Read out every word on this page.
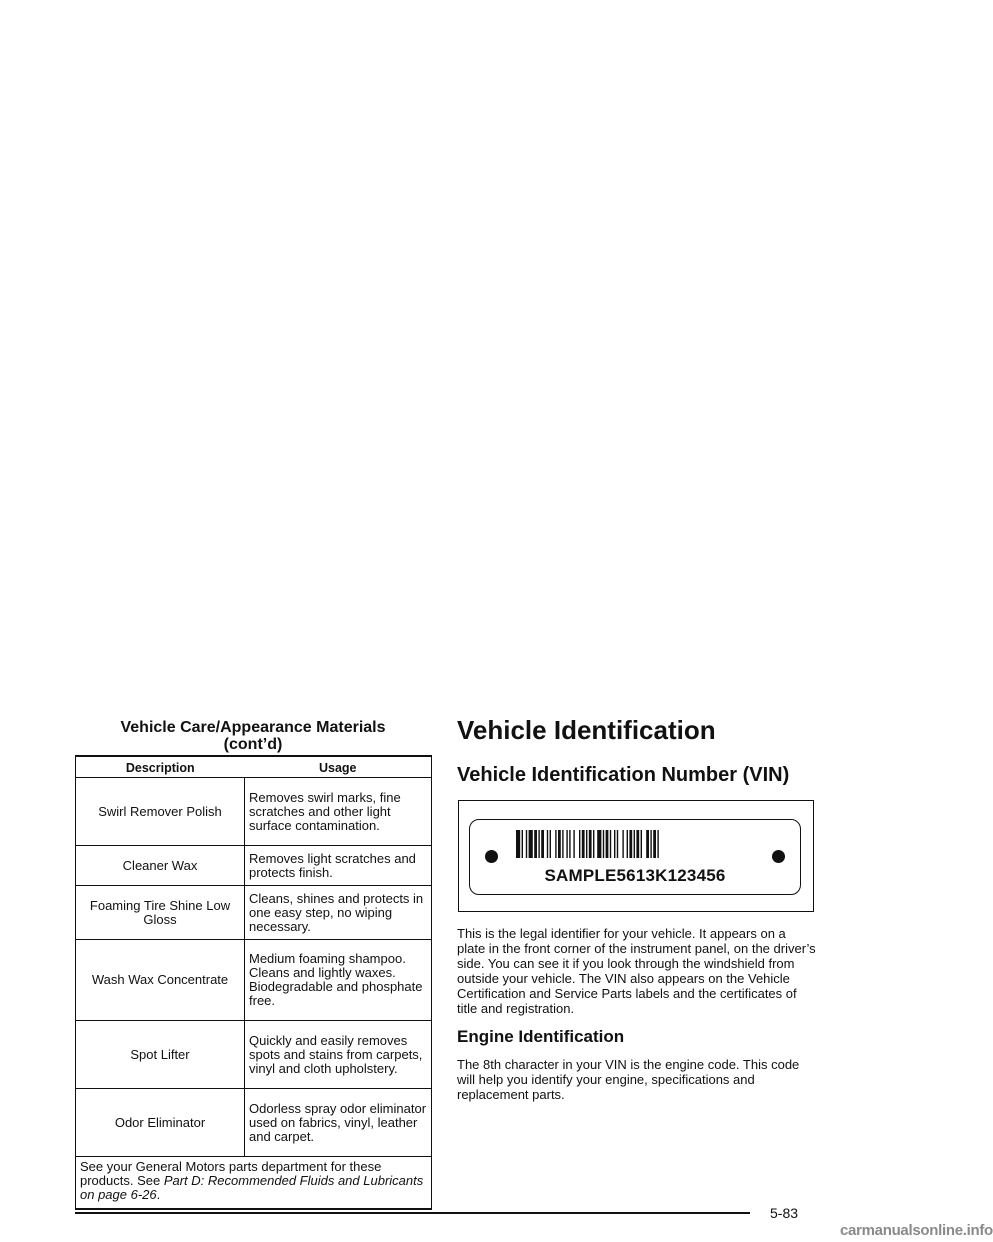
Vehicle Care/Appearance Materials
(cont’d)
Description	Usage
Swirl Remover Polish	Removes swirl marks, fine scratches and other light surface contamination.
Cleaner Wax	Removes light scratches and protects finish.
Foaming Tire Shine Low Gloss	Cleans, shines and protects in one easy step, no wiping necessary.
Wash Wax Concentrate	Medium foaming shampoo. Cleans and lightly waxes. Biodegradable and phosphate free.
Spot Lifter	Quickly and easily removes spots and stains from carpets, vinyl and cloth upholstery.
Odor Eliminator	Odorless spray odor eliminator used on fabrics, vinyl, leather and carpet.
See your General Motors parts department for these products. See Part D: Recommended Fluids and Lubricants on page 6-26.	
Vehicle Identification
Vehicle Identification Number (VIN)
SAMPLE5613K123456

This is the legal identifier for your vehicle. It appears on a plate in the front corner of the instrument panel, on the driver’s side. You can see it if you look through the windshield from outside your vehicle. The VIN also appears on the Vehicle Certification and Service Parts labels and the certificates of title and registration.

Engine Identification

The 8th character in your VIN is the engine code. This code will help you identify your engine, specifications and replacement parts.

5-83
carmanualsonline.info
